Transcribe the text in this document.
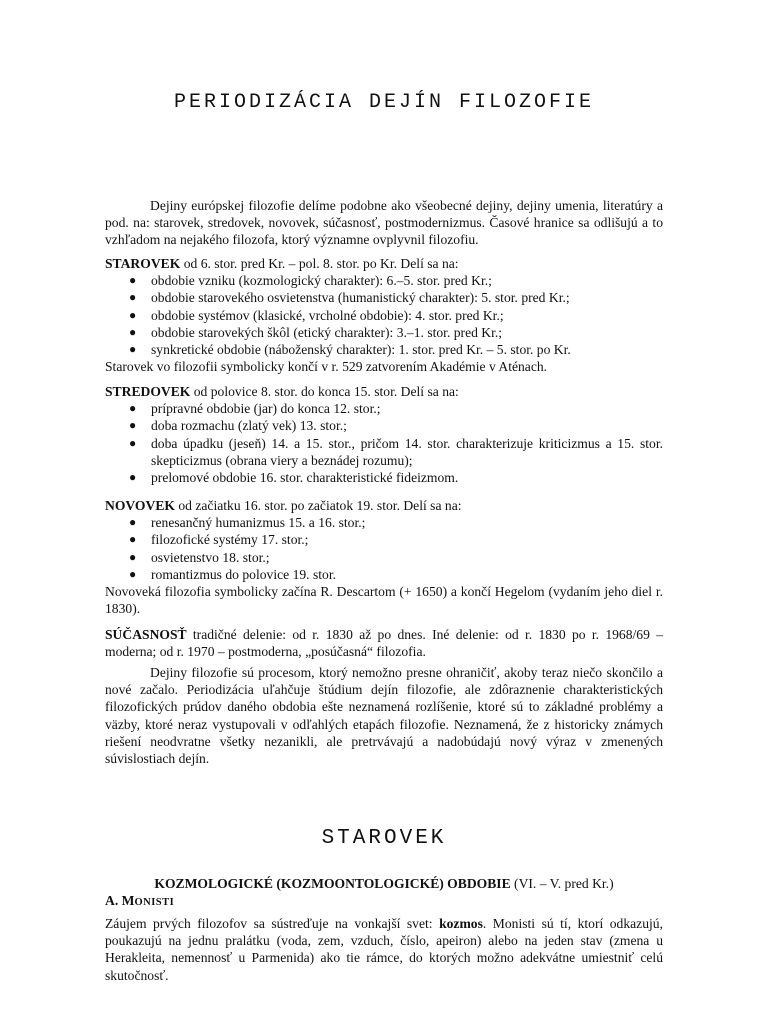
PERIODIZÁCIA DEJÍN FILOZOFIE

Dejiny európskej filozofie delíme podobne ako všeobecné dejiny, dejiny umenia, literatúry a pod. na: starovek, stredovek, novovek, súčasnosť, postmodernizmus. Časové hranice sa odlišujú a to vzhľadom na nejakého filozofa, ktorý významne ovplyvnil filozofiu.

STAROVEK od 6. stor. pred Kr. – pol. 8. stor. po Kr. Delí sa na:

● obdobie vzniku (kozmologický charakter): 6.–5. stor. pred Kr.;
● obdobie starovekého osvietenstva (humanistický charakter): 5. stor. pred Kr.;
● obdobie systémov (klasické, vrcholné obdobie): 4. stor. pred Kr.;
● obdobie starovekých škôl (etický charakter): 3.–1. stor. pred Kr.;
● synkretické obdobie (náboženský charakter): 1. stor. pred Kr. – 5. stor. po Kr.

Starovek vo filozofii symbolicky končí v r. 529 zatvorením Akadémie v Aténach.

STREDOVEK od polovice 8. stor. do konca 15. stor. Delí sa na:

● prípravné obdobie (jar) do konca 12. stor.;
● doba rozmachu (zlatý vek) 13. stor.;
● doba úpadku (jeseň) 14. a 15. stor., pričom 14. stor. charakterizuje kriticizmus a 15. stor. skepticizmus (obrana viery a beznádej rozumu);
● prelomové obdobie 16. stor. charakteristické fideizmom.

NOVOVEK od začiatku 16. stor. po začiatok 19. stor. Delí sa na:

● renesančný humanizmus 15. a 16. stor.;
● filozofické systémy 17. stor.;
● osvietenstvo 18. stor.;
● romantizmus do polovice 19. stor.

Novoveká filozofia symbolicky začína R. Descartom (+ 1650) a končí Hegelom (vydaním jeho diel r. 1830).

SÚČASNOSŤ tradičné delenie: od r. 1830 až po dnes. Iné delenie: od r. 1830 po r. 1968/69 – moderna; od r. 1970 – postmoderna, „posúčasná“ filozofia.

Dejiny filozofie sú procesom, ktorý nemožno presne ohraničiť, akoby teraz niečo skončilo a nové začalo. Periodizácia uľahčuje štúdium dejín filozofie, ale zdôraznenie charakteristických filozofických prúdov daného obdobia ešte neznamená rozlíšenie, ktoré sú to základné problémy a väzby, ktoré neraz vystupovali v odľahlých etapách filozofie. Neznamená, že z historicky známych riešení neodvratne všetky nezanikli, ale pretrvávajú a nadobúdajú nový výraz v zmenených súvislostiach dejín.

STAROVEK
KOZMOLOGICKÉ (KOZMOONTOLOGICKÉ) OBDOBIE (VI. – V. pred Kr.)
A. MONISTI

Záujem prvých filozofov sa sústreďuje na vonkajší svet: kozmos. Monisti sú tí, ktorí odkazujú, poukazujú na jednu pralátku (voda, zem, vzduch, číslo, apeiron) alebo na jeden stav (zmena u Herakleita, nemennosť u Parmenida) ako tie rámce, do ktorých možno adekvátne umiestniť celú skutočnosť.
